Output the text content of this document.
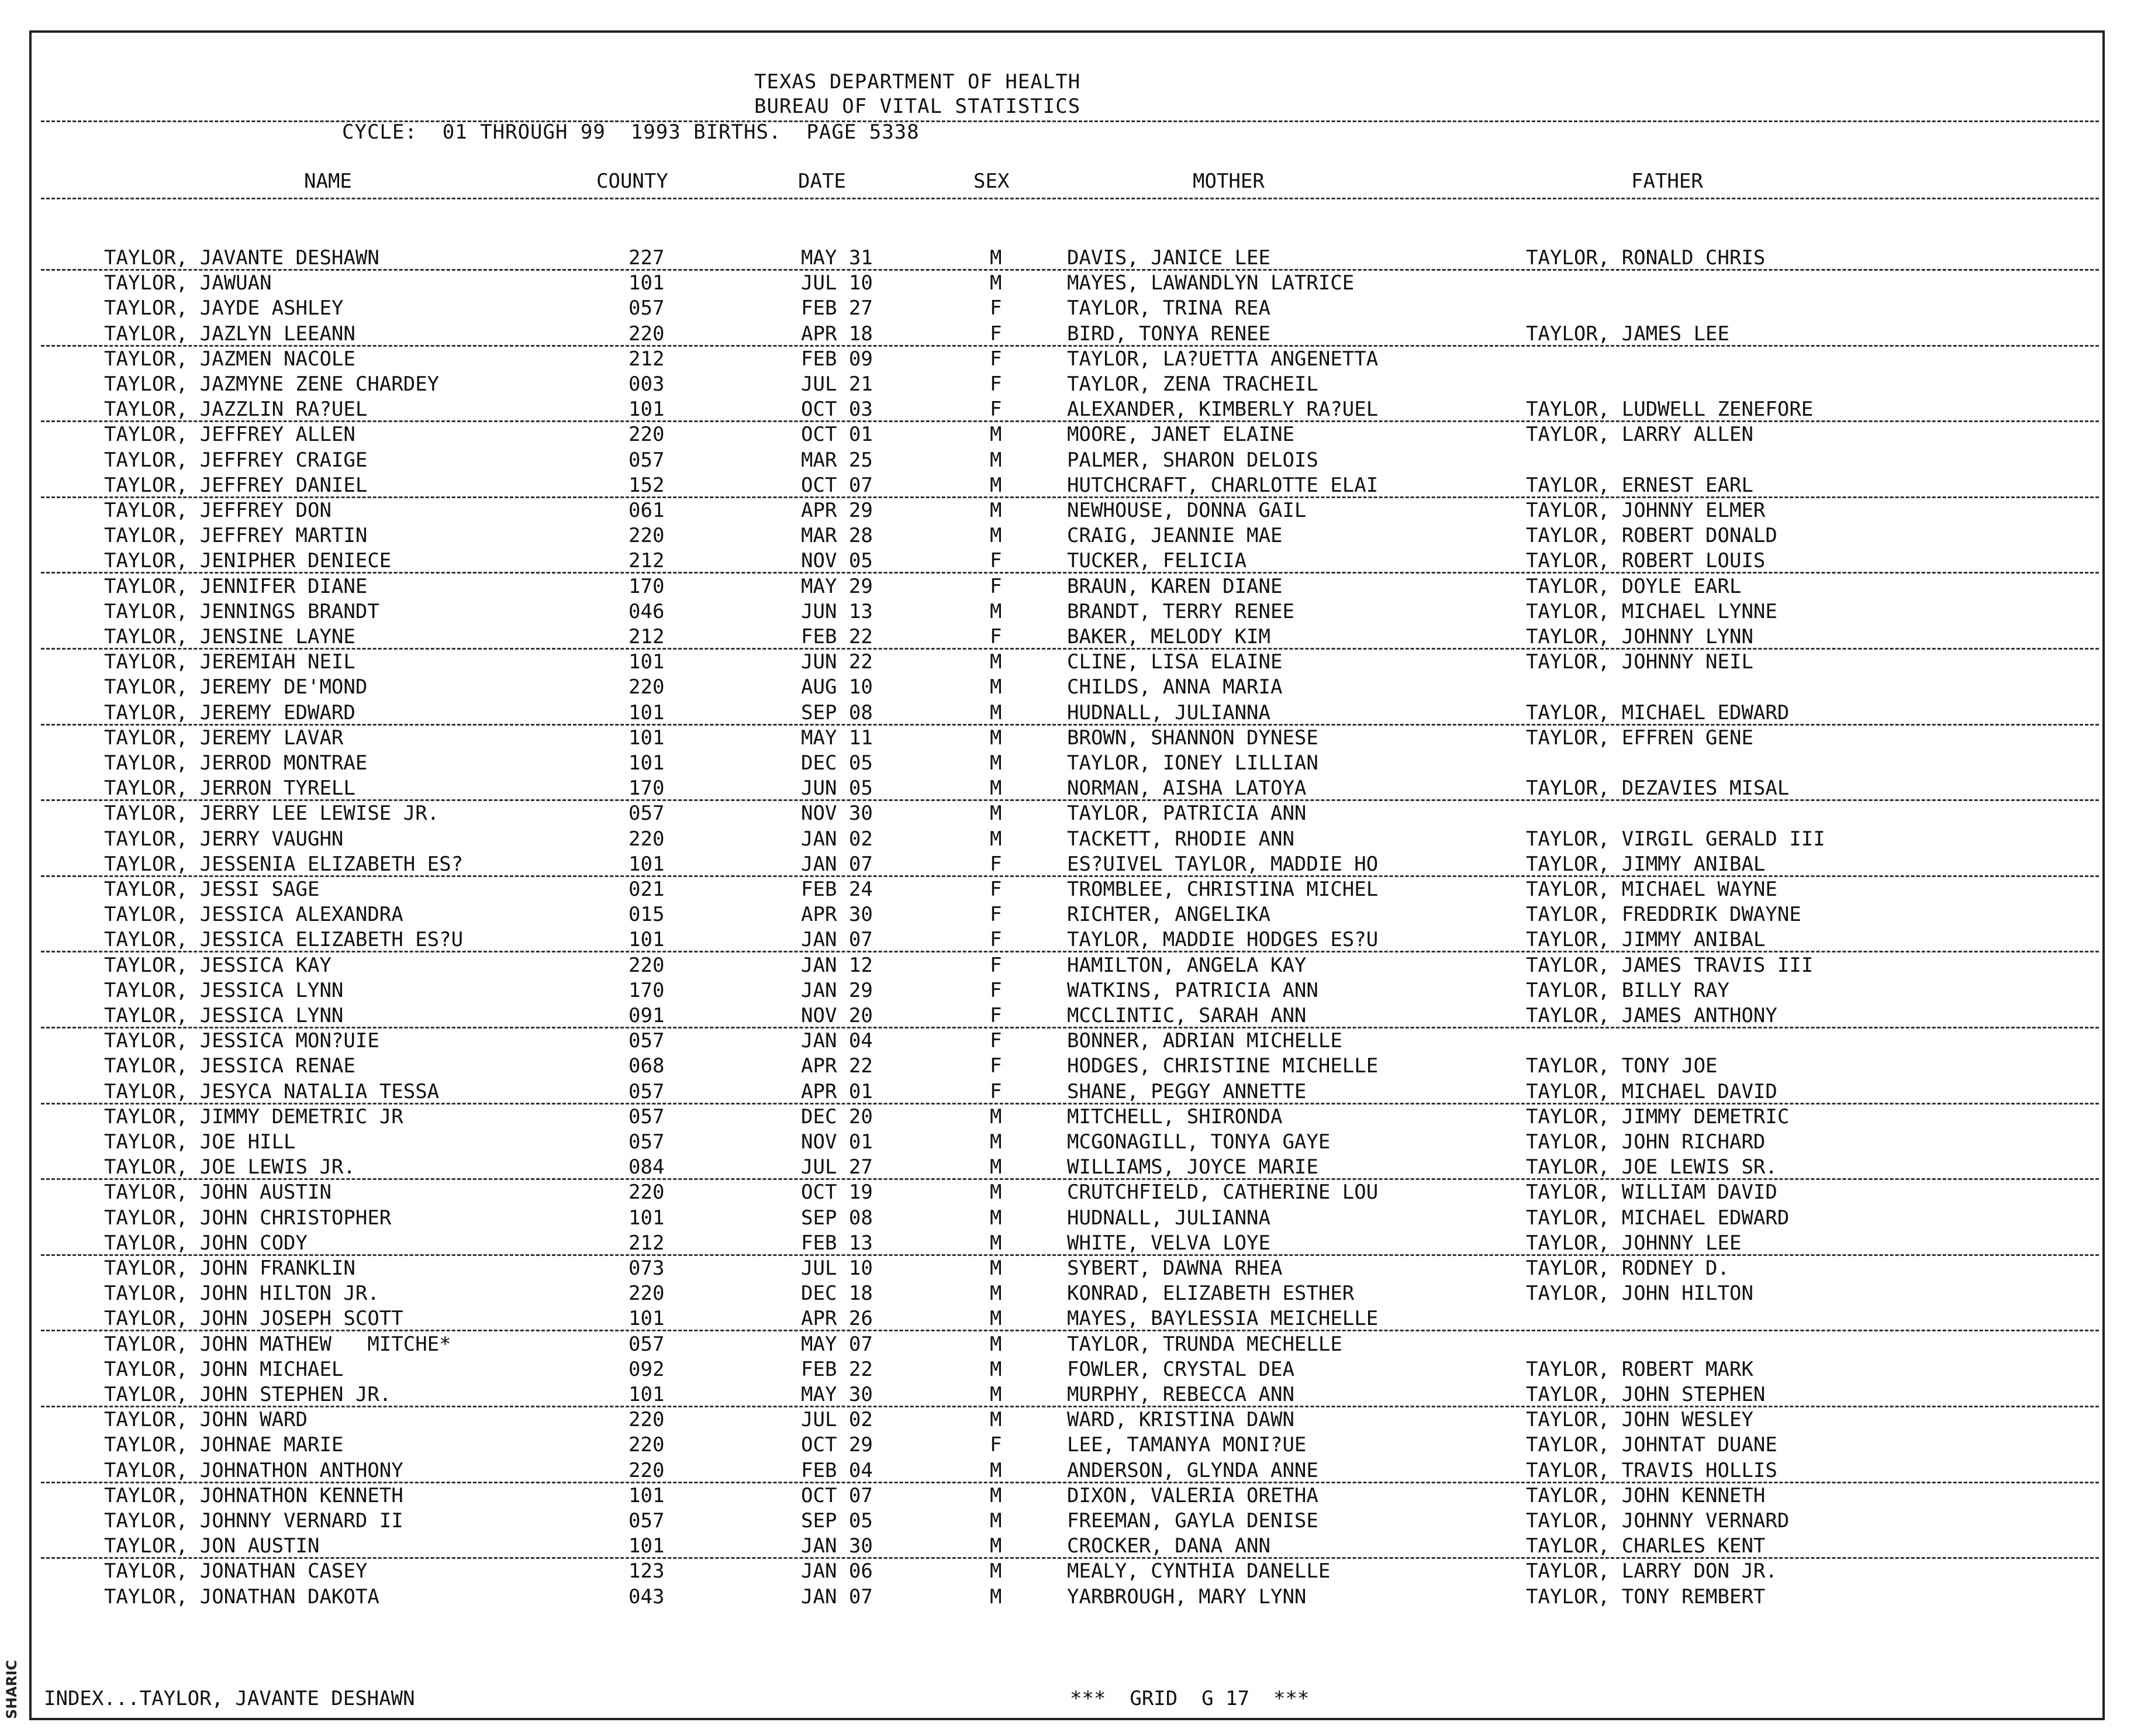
SHARIC
TEXAS DEPARTMENT OF HEALTH
BUREAU OF VITAL STATISTICS
CYCLE:  01 THROUGH 99  1993 BIRTHS.  PAGE 5338
NAME	COUNTY	DATE	SEX	MOTHER	FATHER
TAYLOR, JAVANTE DESHAWN	227	MAY 31	M	DAVIS, JANICE LEE	TAYLOR, RONALD CHRIS
TAYLOR, JAWUAN	101	JUL 10	M	MAYES, LAWANDLYN LATRICE
TAYLOR, JAYDE ASHLEY	057	FEB 27	F	TAYLOR, TRINA REA
TAYLOR, JAZLYN LEEANN	220	APR 18	F	BIRD, TONYA RENEE	TAYLOR, JAMES LEE
TAYLOR, JAZMEN NACOLE	212	FEB 09	F	TAYLOR, LA?UETTA ANGENETTA
TAYLOR, JAZMYNE ZENE CHARDEY	003	JUL 21	F	TAYLOR, ZENA TRACHEIL
TAYLOR, JAZZLIN RA?UEL	101	OCT 03	F	ALEXANDER, KIMBERLY RA?UEL	TAYLOR, LUDWELL ZENEFORE
TAYLOR, JEFFREY ALLEN	220	OCT 01	M	MOORE, JANET ELAINE	TAYLOR, LARRY ALLEN
TAYLOR, JEFFREY CRAIGE	057	MAR 25	M	PALMER, SHARON DELOIS
TAYLOR, JEFFREY DANIEL	152	OCT 07	M	HUTCHCRAFT, CHARLOTTE ELAI	TAYLOR, ERNEST EARL
TAYLOR, JEFFREY DON	061	APR 29	M	NEWHOUSE, DONNA GAIL	TAYLOR, JOHNNY ELMER
TAYLOR, JEFFREY MARTIN	220	MAR 28	M	CRAIG, JEANNIE MAE	TAYLOR, ROBERT DONALD
TAYLOR, JENIPHER DENIECE	212	NOV 05	F	TUCKER, FELICIA	TAYLOR, ROBERT LOUIS
TAYLOR, JENNIFER DIANE	170	MAY 29	F	BRAUN, KAREN DIANE	TAYLOR, DOYLE EARL
TAYLOR, JENNINGS BRANDT	046	JUN 13	M	BRANDT, TERRY RENEE	TAYLOR, MICHAEL LYNNE
TAYLOR, JENSINE LAYNE	212	FEB 22	F	BAKER, MELODY KIM	TAYLOR, JOHNNY LYNN
TAYLOR, JEREMIAH NEIL	101	JUN 22	M	CLINE, LISA ELAINE	TAYLOR, JOHNNY NEIL
TAYLOR, JEREMY DE'MOND	220	AUG 10	M	CHILDS, ANNA MARIA
TAYLOR, JEREMY EDWARD	101	SEP 08	M	HUDNALL, JULIANNA	TAYLOR, MICHAEL EDWARD
TAYLOR, JEREMY LAVAR	101	MAY 11	M	BROWN, SHANNON DYNESE	TAYLOR, EFFREN GENE
TAYLOR, JERROD MONTRAE	101	DEC 05	M	TAYLOR, IONEY LILLIAN
TAYLOR, JERRON TYRELL	170	JUN 05	M	NORMAN, AISHA LATOYA	TAYLOR, DEZAVIES MISAL
TAYLOR, JERRY LEE LEWISE JR.	057	NOV 30	M	TAYLOR, PATRICIA ANN
TAYLOR, JERRY VAUGHN	220	JAN 02	M	TACKETT, RHODIE ANN	TAYLOR, VIRGIL GERALD III
TAYLOR, JESSENIA ELIZABETH ES?	101	JAN 07	F	ES?UIVEL TAYLOR, MADDIE HO	TAYLOR, JIMMY ANIBAL
TAYLOR, JESSI SAGE	021	FEB 24	F	TROMBLEE, CHRISTINA MICHEL	TAYLOR, MICHAEL WAYNE
TAYLOR, JESSICA ALEXANDRA	015	APR 30	F	RICHTER, ANGELIKA	TAYLOR, FREDDRIK DWAYNE
TAYLOR, JESSICA ELIZABETH ES?U	101	JAN 07	F	TAYLOR, MADDIE HODGES ES?U	TAYLOR, JIMMY ANIBAL
TAYLOR, JESSICA KAY	220	JAN 12	F	HAMILTON, ANGELA KAY	TAYLOR, JAMES TRAVIS III
TAYLOR, JESSICA LYNN	170	JAN 29	F	WATKINS, PATRICIA ANN	TAYLOR, BILLY RAY
TAYLOR, JESSICA LYNN	091	NOV 20	F	MCCLINTIC, SARAH ANN	TAYLOR, JAMES ANTHONY
TAYLOR, JESSICA MON?UIE	057	JAN 04	F	BONNER, ADRIAN MICHELLE
TAYLOR, JESSICA RENAE	068	APR 22	F	HODGES, CHRISTINE MICHELLE	TAYLOR, TONY JOE
TAYLOR, JESYCA NATALIA TESSA	057	APR 01	F	SHANE, PEGGY ANNETTE	TAYLOR, MICHAEL DAVID
TAYLOR, JIMMY DEMETRIC JR	057	DEC 20	M	MITCHELL, SHIRONDA	TAYLOR, JIMMY DEMETRIC
TAYLOR, JOE HILL	057	NOV 01	M	MCGONAGILL, TONYA GAYE	TAYLOR, JOHN RICHARD
TAYLOR, JOE LEWIS JR.	084	JUL 27	M	WILLIAMS, JOYCE MARIE	TAYLOR, JOE LEWIS SR.
TAYLOR, JOHN AUSTIN	220	OCT 19	M	CRUTCHFIELD, CATHERINE LOU	TAYLOR, WILLIAM DAVID
TAYLOR, JOHN CHRISTOPHER	101	SEP 08	M	HUDNALL, JULIANNA	TAYLOR, MICHAEL EDWARD
TAYLOR, JOHN CODY	212	FEB 13	M	WHITE, VELVA LOYE	TAYLOR, JOHNNY LEE
TAYLOR, JOHN FRANKLIN	073	JUL 10	M	SYBERT, DAWNA RHEA	TAYLOR, RODNEY D.
TAYLOR, JOHN HILTON JR.	220	DEC 18	M	KONRAD, ELIZABETH ESTHER	TAYLOR, JOHN HILTON
TAYLOR, JOHN JOSEPH SCOTT	101	APR 26	M	MAYES, BAYLESSIA MEICHELLE
TAYLOR, JOHN MATHEW   MITCHE*	057	MAY 07	M	TAYLOR, TRUNDA MECHELLE
TAYLOR, JOHN MICHAEL	092	FEB 22	M	FOWLER, CRYSTAL DEA	TAYLOR, ROBERT MARK
TAYLOR, JOHN STEPHEN JR.	101	MAY 30	M	MURPHY, REBECCA ANN	TAYLOR, JOHN STEPHEN
TAYLOR, JOHN WARD	220	JUL 02	M	WARD, KRISTINA DAWN	TAYLOR, JOHN WESLEY
TAYLOR, JOHNAE MARIE	220	OCT 29	F	LEE, TAMANYA MONI?UE	TAYLOR, JOHNTAT DUANE
TAYLOR, JOHNATHON ANTHONY	220	FEB 04	M	ANDERSON, GLYNDA ANNE	TAYLOR, TRAVIS HOLLIS
TAYLOR, JOHNATHON KENNETH	101	OCT 07	M	DIXON, VALERIA ORETHA	TAYLOR, JOHN KENNETH
TAYLOR, JOHNNY VERNARD II	057	SEP 05	M	FREEMAN, GAYLA DENISE	TAYLOR, JOHNNY VERNARD
TAYLOR, JON AUSTIN	101	JAN 30	M	CROCKER, DANA ANN	TAYLOR, CHARLES KENT
TAYLOR, JONATHAN CASEY	123	JAN 06	M	MEALY, CYNTHIA DANELLE	TAYLOR, LARRY DON JR.
TAYLOR, JONATHAN DAKOTA	043	JAN 07	M	YARBROUGH, MARY LYNN	TAYLOR, TONY REMBERT
INDEX...TAYLOR, JAVANTE DESHAWN	***  GRID  G 17  ***
